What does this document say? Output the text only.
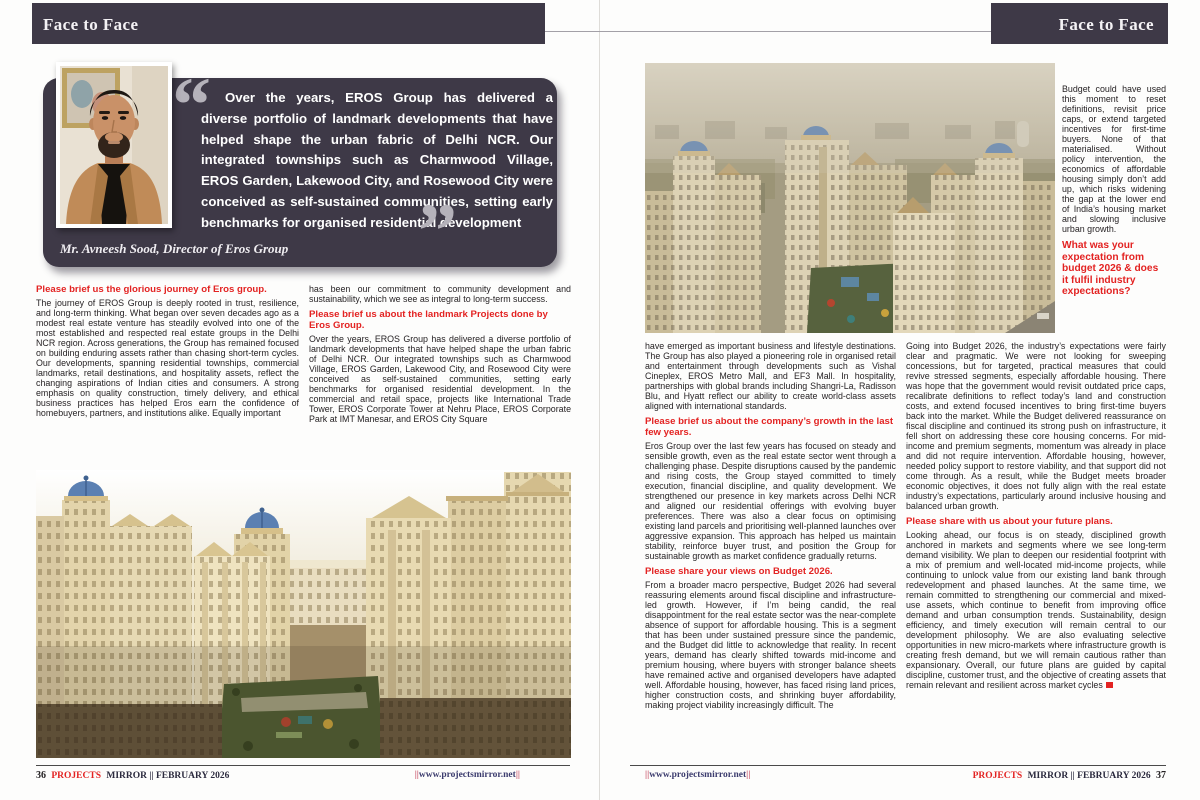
Face to Face	Face to Face
“	Over the years, EROS Group has delivered a diverse portfolio of landmark developments that have helped shape the urban fabric of Delhi NCR. Our integrated townships such as Charmwood Village, EROS Garden, Lakewood City, and Rosewood City were conceived as self-sustained communities, setting early benchmarks for organised residential development
”
Mr. Avneesh Sood, Director of Eros Group
Please brief us the glorious journey of Eros group.

The journey of EROS Group is deeply rooted in trust, resilience, and long-term thinking. What began over seven decades ago as a modest real estate venture has steadily evolved into one of the most established and respected real estate groups in the Delhi NCR region. Across generations, the Group has remained focused on building enduring assets rather than chasing short-term cycles. Our developments, spanning residential townships, commercial landmarks, retail destinations, and hospitality assets, reflect the changing aspirations of Indian cities and consumers. A strong emphasis on quality construction, timely delivery, and ethical business practices has helped Eros earn the confidence of homebuyers, partners, and institutions alike. Equally important

has been our commitment to community development and sustainability, which we see as integral to long-term success.

Please brief us about the landmark Projects done by Eros Group.

Over the years, EROS Group has delivered a diverse portfolio of landmark developments that have helped shape the urban fabric of Delhi NCR. Our integrated townships such as Charmwood Village, EROS Garden, Lakewood City, and Rosewood City were conceived as self-sustained communities, setting early benchmarks for organised residential development. In the commercial and retail space, projects like International Trade Tower, EROS Corporate Tower at Nehru Place, EROS Corporate Park at IMT Manesar, and EROS City Square

Budget could have used this moment to reset definitions, revisit price caps, or extend targeted incentives for first-time buyers. None of that materialised. Without policy intervention, the economics of affordable housing simply don’t add up, which risks widening the gap at the lower end of India’s housing market and slowing inclusive urban growth.

What was your expectation from budget 2026 & does it fulfil industry expectations?

have emerged as important business and lifestyle destinations. The Group has also played a pioneering role in organised retail and entertainment through developments such as Vishal Cineplex, EROS Metro Mall, and EF3 Mall. In hospitality, partnerships with global brands including Shangri-La, Radisson Blu, and Hyatt reflect our ability to create world-class assets aligned with international standards.

Please brief us about the company’s growth in the last few years.

Eros Group over the last few years has focused on steady and sensible growth, even as the real estate sector went through a challenging phase. Despite disruptions caused by the pandemic and rising costs, the Group stayed committed to timely execution, financial discipline, and quality development. We strengthened our presence in key markets across Delhi NCR and aligned our residential offerings with evolving buyer preferences. There was also a clear focus on optimising existing land parcels and prioritising well-planned launches over aggressive expansion. This approach has helped us maintain stability, reinforce buyer trust, and position the Group for sustainable growth as market confidence gradually returns.

Please share your views on Budget 2026.

From a broader macro perspective, Budget 2026 had several reassuring elements around fiscal discipline and infrastructure-led growth. However, if I’m being candid, the real disappointment for the real estate sector was the near-complete absence of support for affordable housing. This is a segment that has been under sustained pressure since the pandemic, and the Budget did little to acknowledge that reality. In recent years, demand has clearly shifted towards mid-income and premium housing, where buyers with stronger balance sheets have remained active and organised developers have adapted well. Affordable housing, however, has faced rising land prices, higher construction costs, and shrinking buyer affordability, making project viability increasingly difficult. The

Going into Budget 2026, the industry’s expectations were fairly clear and pragmatic. We were not looking for sweeping concessions, but for targeted, practical measures that could revive stressed segments, especially affordable housing. There was hope that the government would revisit outdated price caps, recalibrate definitions to reflect today’s land and construction costs, and extend focused incentives to bring first-time buyers back into the market. While the Budget delivered reassurance on fiscal discipline and continued its strong push on infrastructure, it fell short on addressing these core housing concerns. For mid-income and premium segments, momentum was already in place and did not require intervention. Affordable housing, however, needed policy support to restore viability, and that support did not come through. As a result, while the Budget meets broader economic objectives, it does not fully align with the real estate industry’s expectations, particularly around inclusive housing and balanced urban growth.

Please share with us about your future plans.

Looking ahead, our focus is on steady, disciplined growth anchored in markets and segments where we see long-term demand visibility. We plan to deepen our residential footprint with a mix of premium and well-located mid-income projects, while continuing to unlock value from our existing land bank through redevelopment and phased launches. At the same time, we remain committed to strengthening our commercial and mixed-use assets, which continue to benefit from improving office demand and urban consumption trends. Sustainability, design efficiency, and timely execution will remain central to our development philosophy. We are also evaluating selective opportunities in new micro-markets where infrastructure growth is creating fresh demand, but we will remain cautious rather than expansionary. Overall, our future plans are guided by capital discipline, customer trust, and the objective of creating assets that remain relevant and resilient across market cycles

36 PROJECTS MIRROR || FEBRUARY 2026	||www.projectsmirror.net||	||www.projectsmirror.net||	PROJECTS MIRROR || FEBRUARY 2026 37
